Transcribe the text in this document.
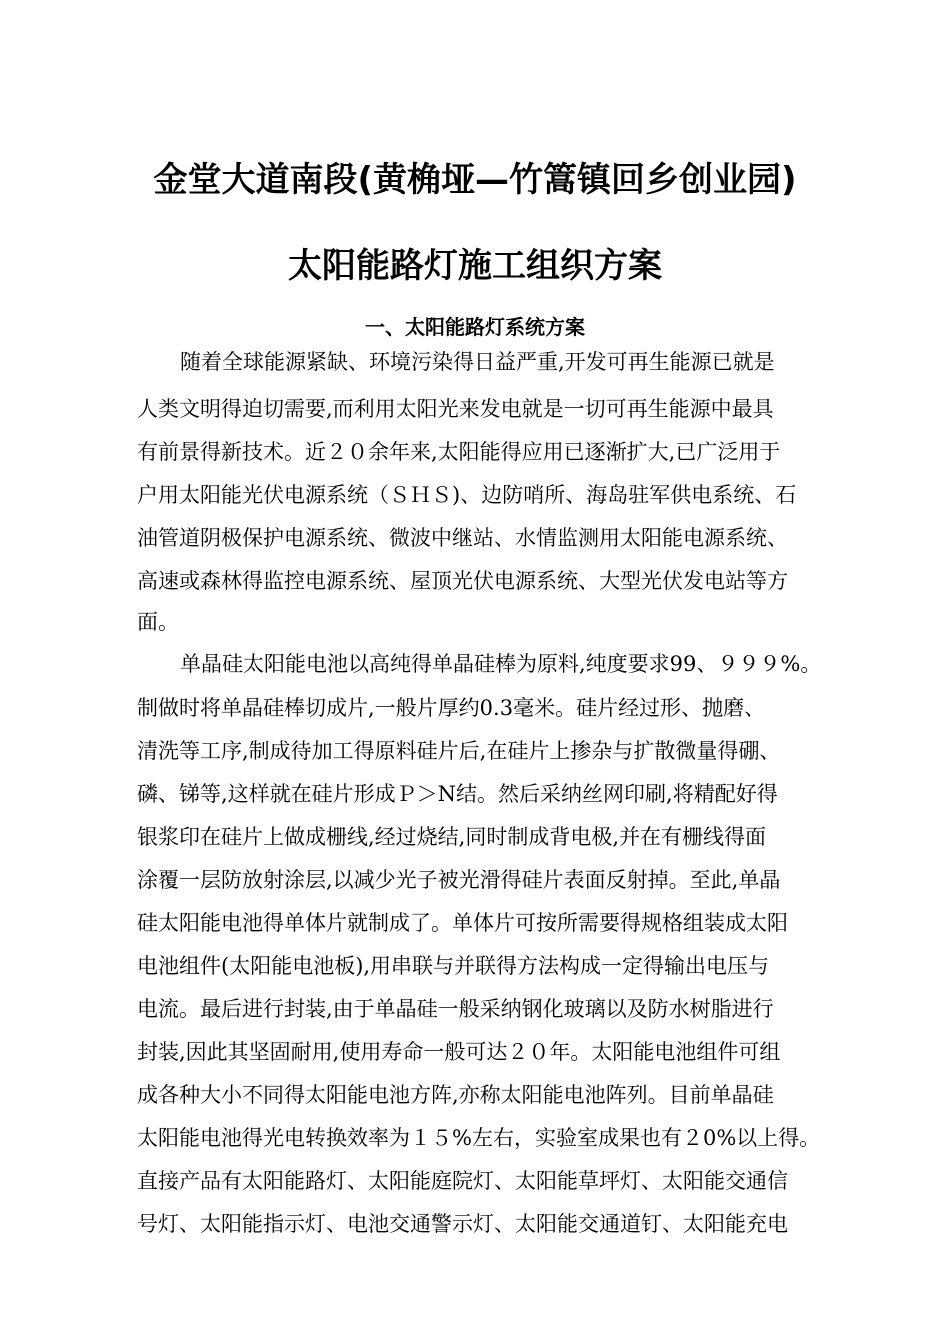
金堂大道南段(黄桷垭—竹篙镇回乡创业园)
太阳能路灯施工组织方案
一、太阳能路灯系统方案
随着全球能源紧缺、环境污染得日益严重,开发可再生能源已就是
人类文明得迫切需要,而利用太阳光来发电就是一切可再生能源中最具
有前景得新技术。近２０余年来,太阳能得应用已逐渐扩大,已广泛用于
户用太阳能光伏电源系统（ＳＨＳ)、边防哨所、海岛驻军供电系统、石
油管道阴极保护电源系统、微波中继站、水情监测用太阳能电源系统、
高速或森林得监控电源系统、屋顶光伏电源系统、大型光伏发电站等方
面。
单晶硅太阳能电池以高纯得单晶硅棒为原料,纯度要求99、９９９%。
制做时将单晶硅棒切成片,一般片厚约0.3毫米。硅片经过形、抛磨、
清洗等工序,制成待加工得原料硅片后,在硅片上掺杂与扩散微量得硼、
磷、锑等,这样就在硅片形成Ｐ＞N结。然后采纳丝网印刷,将精配好得
银浆印在硅片上做成栅线,经过烧结,同时制成背电极,并在有栅线得面
涂覆一层防放射涂层,以减少光子被光滑得硅片表面反射掉。至此,单晶
硅太阳能电池得单体片就制成了。单体片可按所需要得规格组装成太阳
电池组件(太阳能电池板),用串联与并联得方法构成一定得输出电压与
电流。最后进行封装,由于单晶硅一般采纳钢化玻璃以及防水树脂进行
封装,因此其坚固耐用,使用寿命一般可达２０年。太阳能电池组件可组
成各种大小不同得太阳能电池方阵,亦称太阳能电池阵列。目前单晶硅
太阳能电池得光电转换效率为１５%左右，实验室成果也有２0%以上得。
直接产品有太阳能路灯、太阳能庭院灯、太阳能草坪灯、太阳能交通信
号灯、太阳能指示灯、电池交通警示灯、太阳能交通道钉、太阳能充电
